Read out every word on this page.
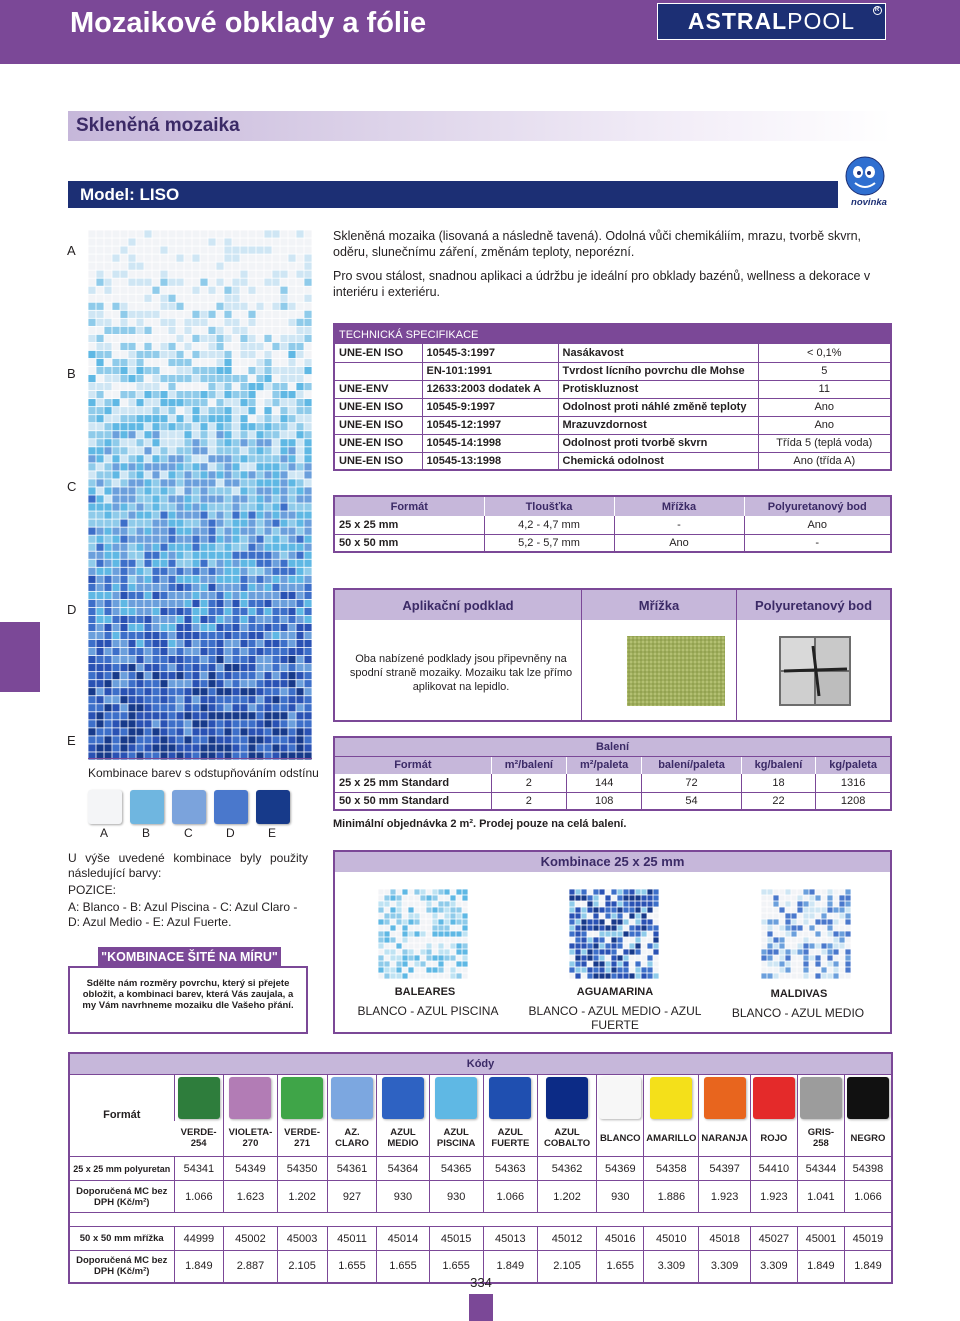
Mozaikové obklady a fólie	ASTRAL POOL	R
Skleněná mozaika
Model: LISO	novinka
A
B
C
D
E

Skleněná mozaika (lisovaná a následně tavená). Odolná vůči chemikáliím, mrazu, tvorbě skvrn, oděru, slunečnímu záření, změnám teploty, neporézní.

Pro svou stálost, snadnou aplikaci a údržbu je ideální pro obklady bazénů, wellness a dekorace v interiéru i exteriéru.

TECHNICKÁ SPECIFIKACE			
UNE-EN ISO	10545-3:1997	Nasákavost	< 0,1%
	EN-101:1991	Tvrdost lícního povrchu dle Mohse	5
UNE-ENV	12633:2003 dodatek A	Protiskluznost	11
UNE-EN ISO	10545-9:1997	Odolnost proti náhlé změně teploty	Ano
UNE-EN ISO	10545-12:1997	Mrazuvzdornost	Ano
UNE-EN ISO	10545-14:1998	Odolnost proti tvorbě skvrn	Třída 5 (teplá voda)
UNE-EN ISO	10545-13:1998	Chemická odolnost	Ano (třída A)
Formát	Tloušťka	Mřížka	Polyuretanový bod
25 x 25 mm	4,2 - 4,7 mm	-	Ano
50 x 50 mm	5,2 - 5,7 mm	Ano	-
Aplikační podklad	Mřížka	Polyuretanový bod

Oba nabízené podklady jsou připevněny na spodní straně mozaiky. Mozaiku tak lze přímo aplikovat na lepidlo.

Kombinace barev s odstupňováním odstínu
A	B	C	D	E

U výše uvedené kombinace byly použity následující barvy:

POZICE:

A: Blanco - B: Azul Piscina - C: Azul Claro - D: Azul Medio - E: Azul Fuerte.

"KOMBINACE ŠITÉ NA MÍRU"

Sdělte nám rozměry povrchu, který si přejete obložit, a kombinaci barev, která Vás zaujala, a my Vám navrhneme mozaiku dle Vašeho přání.

Balení					
Formát	m²/balení	m²/paleta	balení/paleta	kg/balení	kg/paleta
25 x 25 mm Standard	2	144	72	18	1316
50 x 50 mm Standard	2	108	54	22	1208
Minimální objednávka 2 m². Prodej pouze na celá balení.
Kombinace 25 x 25 mm
BALEARES
BLANCO - AZUL PISCINA
AGUAMARINA
BLANCO - AZUL MEDIO - AZUL FUERTE
MALDIVAS
BLANCO - AZUL MEDIO
Kódy														
Formát	

	VERDE-254	VIOLETA-270	VERDE-271	AZ. CLARO	AZUL MEDIO	AZUL PISCINA	AZUL FUERTE	AZUL COBALTO	BLANCO	AMARILLO	NARANJA	ROJO	GRIS-258	NEGRO
25 x 25 mm polyuretan	54341	54349	54350	54361	54364	54365	54363	54362	54369	54358	54397	54410	54344	54398
Doporučená MC bez DPH (Kč/m²)	1.066	1.623	1.202	927	930	930	1.066	1.202	930	1.886	1.923	1.923	1.041	1.066

50 x 50 mm mřížka	44999	45002	45003	45011	45014	45015	45013	45012	45016	45010	45018	45027	45001	45019
Doporučená MC bez DPH (Kč/m²)	1.849	2.887	2.105	1.655	1.655	1.655	1.849	2.105	1.655	3.309	3.309	3.309	1.849	1.849
334
